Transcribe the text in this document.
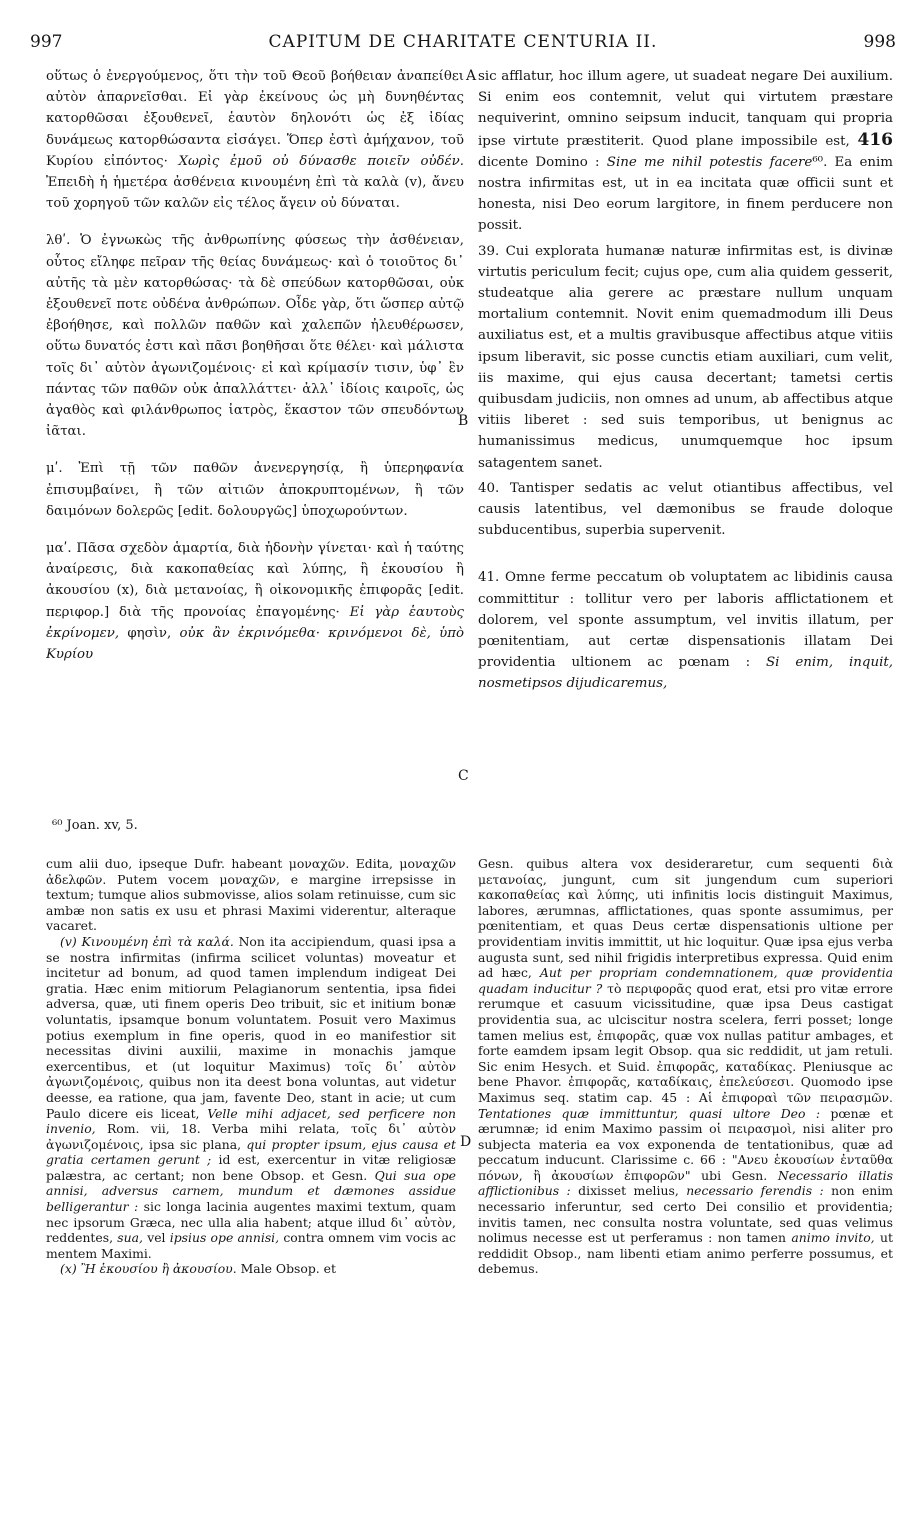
997	CAPITUM DE CHARITATE CENTURIA II.	998

οὕτως ὁ ἐνεργούμενος, ὅτι τὴν τοῦ Θεοῦ βοήθειαν ἀναπείθει αὐτὸν ἀπαρνεῖσθαι. Εἰ γὰρ ἐκείνους ὡς μὴ δυνηθέντας κατορθῶσαι ἐξουθενεῖ, ἑαυτὸν δηλονότι ὡς ἐξ ἰδίας δυνάμεως κατορθώσαντα εἰσάγει. Ὅπερ ἐστὶ ἀμήχανον, τοῦ Κυρίου εἰπόντος· Χωρὶς ἐμοῦ οὐ δύνασθε ποιεῖν οὐδέν. Ἐπειδὴ ἡ ἡμετέρα ἀσθένεια κινουμένη ἐπὶ τὰ καλὰ (v), ἄνευ τοῦ χορηγοῦ τῶν καλῶν εἰς τέλος ἄγειν οὐ δύναται.

λθʹ. Ὁ ἐγνωκὼς τῆς ἀνθρωπίνης φύσεως τὴν ἀσθένειαν, οὗτος εἴληφε πεῖραν τῆς θείας δυνάμεως· καὶ ὁ τοιοῦτος δι᾽ αὐτῆς τὰ μὲν κατορθώσας· τὰ δὲ σπεύδων κατορθῶσαι, οὐκ ἐξουθενεῖ ποτε οὐδένα ἀνθρώπων. Οἶδε γὰρ, ὅτι ὥσπερ αὐτῷ ἐβοήθησε, καὶ πολλῶν παθῶν καὶ χαλεπῶν ἠλευθέρωσεν, οὕτω δυνατός ἐστι καὶ πᾶσι βοηθῆσαι ὅτε θέλει· καὶ μάλιστα τοῖς δι᾽ αὐτὸν ἀγωνιζομένοις· εἰ καὶ κρίμασίν τισιν, ὑφ᾽ ἓν πάντας τῶν παθῶν οὐκ ἀπαλλάττει· ἀλλ᾽ ἰδίοις καιροῖς, ὡς ἀγαθὸς καὶ φιλάνθρωπος ἰατρὸς, ἕκαστον τῶν σπευδόντων ἰᾶται.

μʹ. Ἐπὶ τῇ τῶν παθῶν ἀνενεργησίᾳ, ἢ ὑπερηφανία ἐπισυμβαίνει, ἢ τῶν αἰτιῶν ἀποκρυπτομένων, ἢ τῶν δαιμόνων δολερῶς [edit. δολουργῶς] ὑποχωρούντων.

μαʹ. Πᾶσα σχεδὸν ἁμαρτία, διὰ ἡδονὴν γίνεται· καὶ ἡ ταύτης ἀναίρεσις, διὰ κακοπαθείας καὶ λύπης, ἢ ἑκουσίου ἢ ἀκουσίου (x), διὰ μετανοίας, ἢ οἰκονομικῆς ἐπιφορᾶς [edit. περιφορ.] διὰ τῆς προνοίας ἐπαγομένης· Εἰ γὰρ ἑαυτοὺς ἐκρίνομεν, φησὶν, οὐκ ἂν ἐκρινόμεθα· κρινόμενοι δὲ, ὑπὸ Κυρίου

sic afflatur, hoc illum agere, ut suadeat negare Dei auxilium. Si enim eos contemnit, velut qui virtutem præstare nequiverint, omnino seipsum inducit, tanquam qui propria ipse virtute præstiterit. Quod plane impossibile est, 416 dicente Domino : Sine me nihil potestis facere⁶⁰. Ea enim nostra infirmitas est, ut in ea incitata quæ officii sunt et honesta, nisi Deo eorum largitore, in finem perducere non possit.

39. Cui explorata humanæ naturæ infirmitas est, is divinæ virtutis periculum fecit; cujus ope, cum alia quidem gesserit, studeatque alia gerere ac præstare nullum unquam mortalium contemnit. Novit enim quemadmodum illi Deus auxiliatus est, et a multis gravibusque affectibus atque vitiis ipsum liberavit, sic posse cunctis etiam auxiliari, cum velit, iis maxime, qui ejus causa decertant; tametsi certis quibusdam judiciis, non omnes ad unum, ab affectibus atque vitiis liberet : sed suis temporibus, ut benignus ac humanissimus medicus, unumquemque hoc ipsum satagentem sanet.

40. Tantisper sedatis ac velut otiantibus affectibus, vel causis latentibus, vel dæmonibus se fraude doloque subducentibus, superbia supervenit.

41. Omne ferme peccatum ob voluptatem ac libidinis causa committitur : tollitur vero per laboris afflictationem et dolorem, vel sponte assumptum, vel invitis illatum, per pœnitentiam, aut certæ dispensationis illatam Dei providentia ultionem ac pœnam : Si enim, inquit, nosmetipsos dijudicaremus,

A
B
C
D
⁶⁰ Joan. xv, 5.

cum alii duo, ipseque Dufr. habeant μοναχῶν. Edita, μοναχῶν ἀδελφῶν. Putem vocem μοναχῶν, e margine irrepsisse in textum; tumque alios submovisse, alios solam retinuisse, cum sic ambæ non satis ex usu et phrasi Maximi viderentur, alteraque vacaret.

(v) Κινουμένη ἐπὶ τὰ καλά. Non ita accipiendum, quasi ipsa a se nostra infirmitas (infirma scilicet voluntas) moveatur et incitetur ad bonum, ad quod tamen implendum indigeat Dei gratia. Hæc enim mitiorum Pelagianorum sententia, ipsa fidei adversa, quæ, uti finem operis Deo tribuit, sic et initium bonæ voluntatis, ipsamque bonum voluntatem. Posuit vero Maximus potius exemplum in fine operis, quod in eo manifestior sit necessitas divini auxilii, maxime in monachis jamque exercentibus, et (ut loquitur Maximus) τοῖς δι᾽ αὐτὸν ἀγωνιζομένοις, quibus non ita deest bona voluntas, aut videtur deesse, ea ratione, qua jam, favente Deo, stant in acie; ut cum Paulo dicere eis liceat, Velle mihi adjacet, sed perficere non invenio, Rom. vii, 18. Verba mihi relata, τοῖς δι᾽ αὐτὸν ἀγωνιζομένοις, ipsa sic plana, qui propter ipsum, ejus causa et gratia certamen gerunt ; id est, exercentur in vitæ religiosæ palæstra, ac certant; non bene Obsop. et Gesn. Qui sua ope annisi, adversus carnem, mundum et dæmones assidue belligerantur : sic longa lacinia augentes maximi textum, quam nec ipsorum Græca, nec ulla alia habent; atque illud δι᾽ αὐτὸν, reddentes, sua, vel ipsius ope annisi, contra omnem vim vocis ac mentem Maximi.

(x) Ἢ ἑκουσίου ἢ ἀκουσίου. Male Obsop. et

Gesn. quibus altera vox desideraretur, cum sequenti διὰ μετανοίας, jungunt, cum sit jungendum cum superiori κακοπαθείας καὶ λύπης, uti infinitis locis distinguit Maximus, labores, ærumnas, afflictationes, quas sponte assumimus, per pœnitentiam, et quas Deus certæ dispensationis ultione per providentiam invitis immittit, ut hic loquitur. Quæ ipsa ejus verba augusta sunt, sed nihil frigidis interpretibus expressa. Quid enim ad hæc, Aut per propriam condemnationem, quæ providentia quadam inducitur ? τὸ περιφορᾶς quod erat, etsi pro vitæ errore rerumque et casuum vicissitudine, quæ ipsa Deus castigat providentia sua, ac ulciscitur nostra scelera, ferri posset; longe tamen melius est, ἐπιφορᾶς, quæ vox nullas patitur ambages, et forte eamdem ipsam legit Obsop. qua sic reddidit, ut jam retuli. Sic enim Hesych. et Suid. ἐπιφορᾶς, καταδίκας. Pleniusque ac bene Phavor. ἐπιφορᾶς, καταδίκαις, ἐπελεύσεσι. Quomodo ipse Maximus seq. statim cap. 45 : Αἱ ἐπιφοραὶ τῶν πειρασμῶν. Tentationes quæ immittuntur, quasi ultore Deo : pœnæ et ærumnæ; id enim Maximo passim οἱ πειρασμοὶ, nisi aliter pro subjecta materia ea vox exponenda de tentationibus, quæ ad peccatum inducunt. Clarissime c. 66 : "Ανευ ἑκουσίων ἐνταῦθα πόνων, ἢ ἀκουσίων ἐπιφορῶν" ubi Gesn. Necessario illatis afflictionibus : dixisset melius, necessario ferendis : non enim necessario inferuntur, sed certo Dei consilio et providentia; invitis tamen, nec consulta nostra voluntate, sed quas velimus nolimus necesse est ut perferamus : non tamen animo invito, ut reddidit Obsop., nam libenti etiam animo perferre possumus, et debemus.
